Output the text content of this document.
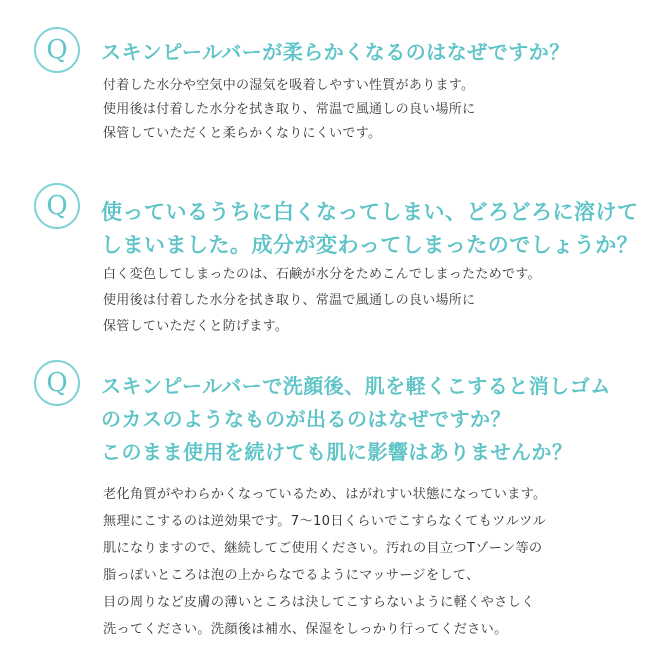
Q	スキンピールバーが柔らかくなるのはなぜですか？

付着した水分や空気中の湿気を吸着しやすい性質があります。
使用後は付着した水分を拭き取り、常温で風通しの良い場所に
保管していただくと柔らかくなりにくいです。

Q	使っているうちに白くなってしまい、どろどろに溶けて
しまいました。成分が変わってしまったのでしょうか？

白く変色してしまったのは、石鹸が水分をためこんでしまったためです。
使用後は付着した水分を拭き取り、常温で風通しの良い場所に
保管していただくと防げます。

Q	スキンピールバーで洗顔後、肌を軽くこすると消しゴム
のカスのようなものが出るのはなぜですか？
このまま使用を続けても肌に影響はありませんか？

老化角質がやわらかくなっているため、はがれすい状態になっています。
無理にこするのは逆効果です。7～10日くらいでこすらなくてもツルツル
肌になりますので、継続してご使用ください。汚れの目立つTゾーン等の
脂っぽいところは泡の上からなでるようにマッサージをして、
目の周りなど皮膚の薄いところは決してこすらないように軽くやさしく
洗ってください。洗顔後は補水、保湿をしっかり行ってください。
